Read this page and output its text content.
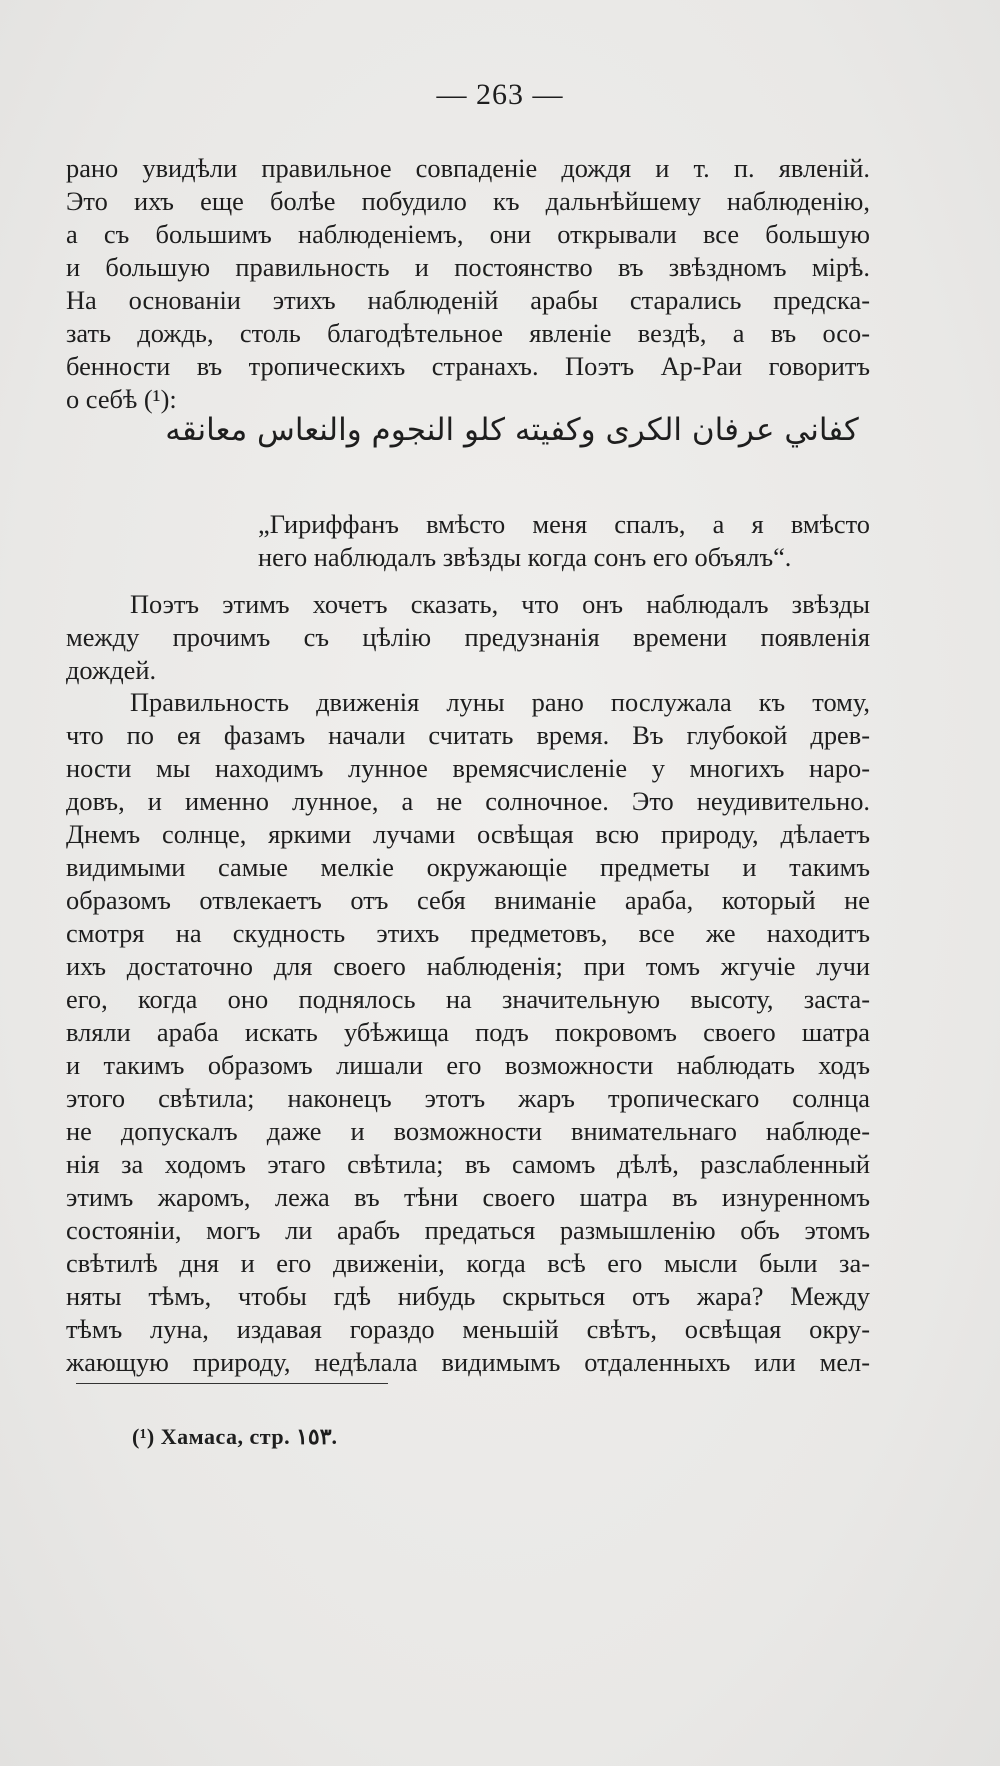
— 263 —
рано увидѣли правильное совпаденіе дождя и т. п. явленій.
Это ихъ еще болѣе побудило къ дальнѣйшему наблюденію,
а съ большимъ наблюденіемъ, они открывали все большую
и большую правильность и постоянство въ звѣздномъ мірѣ.
На основаніи этихъ наблюденій арабы старались предска-
зать дождь, столь благодѣтельное явленіе вездѣ, а въ осо-
бенности въ тропическихъ странахъ. Поэтъ Ар-Раи говоритъ
о себѣ (¹):
كفاني عرفان الكرى وكفيته كلو النجوم والنعاس معانقه
„Гириффанъ вмѣсто меня спалъ, а я вмѣсто
него наблюдалъ звѣзды когда сонъ его объялъ“.
Поэтъ этимъ хочетъ сказать, что онъ наблюдалъ звѣзды
между прочимъ съ цѣлію предузнанія времени появленія
дождей.
Правильность движенія луны рано послужала къ тому,
что по ея фазамъ начали считать время. Въ глубокой древ-
ности мы находимъ лунное времясчисленіе у многихъ наро-
довъ, и именно лунное, а не солночное. Это неудивительно.
Днемъ солнце, яркими лучами освѣщая всю природу, дѣлаетъ
видимыми самые мелкіе окружающіе предметы и такимъ
образомъ отвлекаетъ отъ себя вниманіе араба, который не
смотря на скудность этихъ предметовъ, все же находитъ
ихъ достаточно для своего наблюденія; при томъ жгучіе лучи
его, когда оно поднялось на значительную высоту, заста-
вляли араба искать убѣжища подъ покровомъ своего шатра
и такимъ образомъ лишали его возможности наблюдать ходъ
этого свѣтила; наконецъ этотъ жаръ тропическаго солнца
не допускалъ даже и возможности внимательнаго наблюде-
нія за ходомъ этаго свѣтила; въ самомъ дѣлѣ, разслабленный
этимъ жаромъ, лежа въ тѣни своего шатра въ изнуренномъ
состояніи, могъ ли арабъ предаться размышленію объ этомъ
свѣтилѣ дня и его движеніи, когда всѣ его мысли были за-
няты тѣмъ, чтобы гдѣ нибудь скрыться отъ жара? Между
тѣмъ луна, издавая гораздо меньшій свѣтъ, освѣщая окру-
жающую природу, недѣлала видимымъ отдаленныхъ или мел-
(¹) Хамаса, стр. ١٥٣.
